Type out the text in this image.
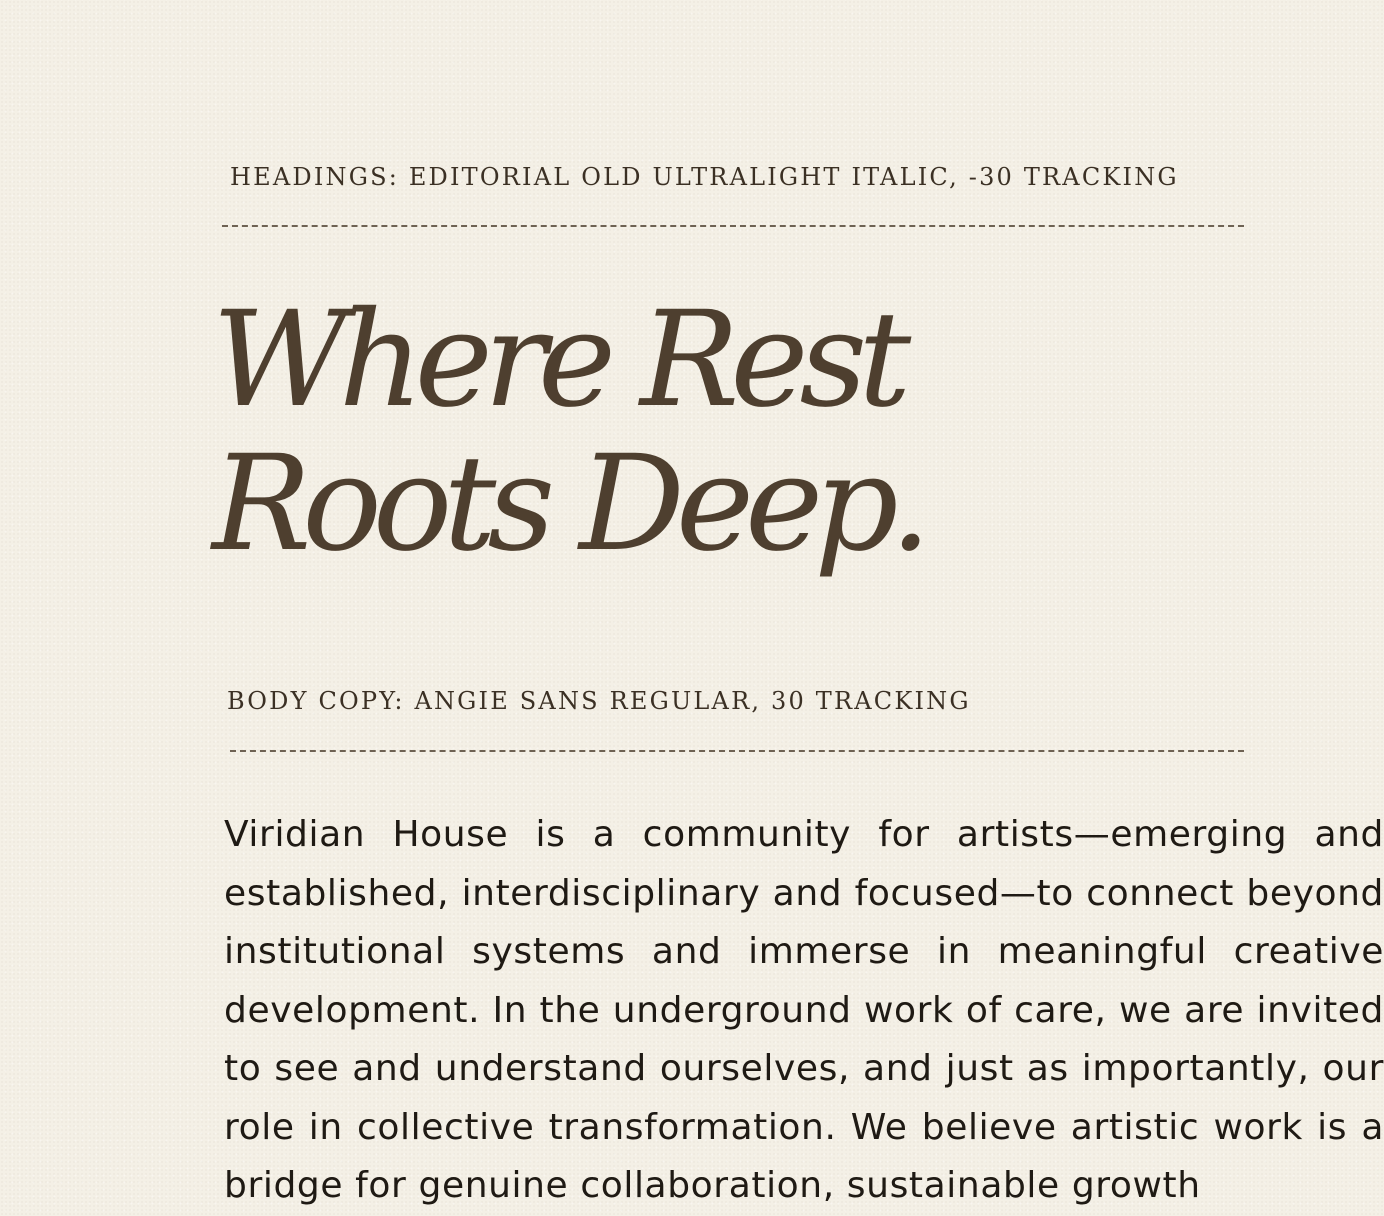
HEADINGS: EDITORIAL OLD ULTRALIGHT ITALIC, -30 TRACKING
Where Rest
Roots Deep.
BODY COPY: ANGIE SANS REGULAR, 30 TRACKING

Viridian House is a community for artists—emerging and established, interdisciplinary and focused—to connect beyond institutional systems and immerse in meaningful creative development. In the underground work of care, we are invited to see and understand ourselves, and just as importantly, our role in collective transformation. We believe artistic work is a bridge for genuine collaboration, sustainable growth
